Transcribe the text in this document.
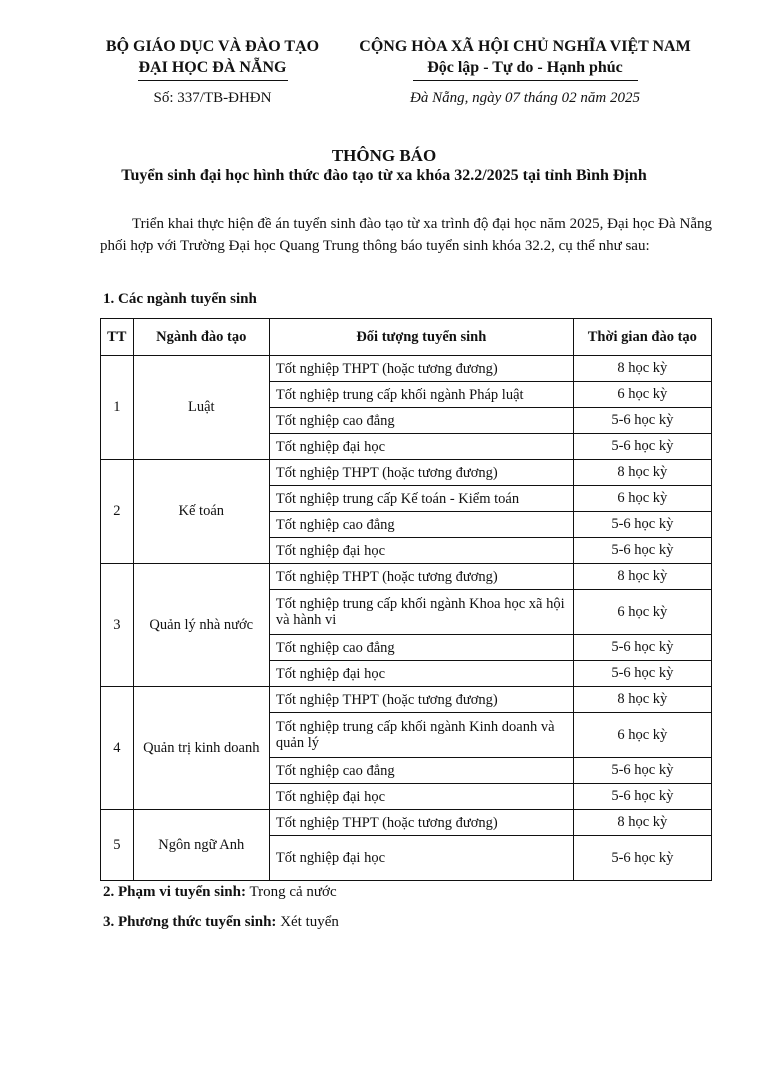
BỘ GIÁO DỤC VÀ ĐÀO TẠO
ĐẠI HỌC ĐÀ NẴNG
CỘNG HÒA XÃ HỘI CHỦ NGHĨA VIỆT NAM
Độc lập - Tự do - Hạnh phúc
Số: 337/TB-ĐHĐN	Đà Nẵng, ngày 07 tháng 02 năm 2025
THÔNG BÁO
Tuyển sinh đại học hình thức đào tạo từ xa khóa 32.2/2025 tại tỉnh Bình Định

Triển khai thực hiện đề án tuyển sinh đào tạo từ xa trình độ đại học năm 2025, Đại học Đà Nẵng phối hợp với Trường Đại học Quang Trung thông báo tuyển sinh khóa 32.2, cụ thể như sau:

1. Các ngành tuyển sinh
TT	Ngành đào tạo	Đối tượng tuyển sinh	Thời gian đào tạo
1	Luật	Tốt nghiệp THPT (hoặc tương đương)	8 học kỳ
		Tốt nghiệp trung cấp khối ngành Pháp luật	6 học kỳ
		Tốt nghiệp cao đẳng	5-6 học kỳ
		Tốt nghiệp đại học	5-6 học kỳ
2	Kế toán	Tốt nghiệp THPT (hoặc tương đương)	8 học kỳ
		Tốt nghiệp trung cấp Kế toán - Kiểm toán	6 học kỳ
		Tốt nghiệp cao đẳng	5-6 học kỳ
		Tốt nghiệp đại học	5-6 học kỳ
3	Quản lý nhà nước	Tốt nghiệp THPT (hoặc tương đương)	8 học kỳ
		Tốt nghiệp trung cấp khối ngành Khoa học xã hội và hành vi	6 học kỳ
		Tốt nghiệp cao đẳng	5-6 học kỳ
		Tốt nghiệp đại học	5-6 học kỳ
4	Quản trị kinh doanh	Tốt nghiệp THPT (hoặc tương đương)	8 học kỳ
		Tốt nghiệp trung cấp khối ngành Kinh doanh và quản lý	6 học kỳ
		Tốt nghiệp cao đẳng	5-6 học kỳ
		Tốt nghiệp đại học	5-6 học kỳ
5	Ngôn ngữ Anh	Tốt nghiệp THPT (hoặc tương đương)	8 học kỳ
		Tốt nghiệp đại học	5-6 học kỳ
2. Phạm vi tuyển sinh: Trong cả nước
3. Phương thức tuyển sinh: Xét tuyển
